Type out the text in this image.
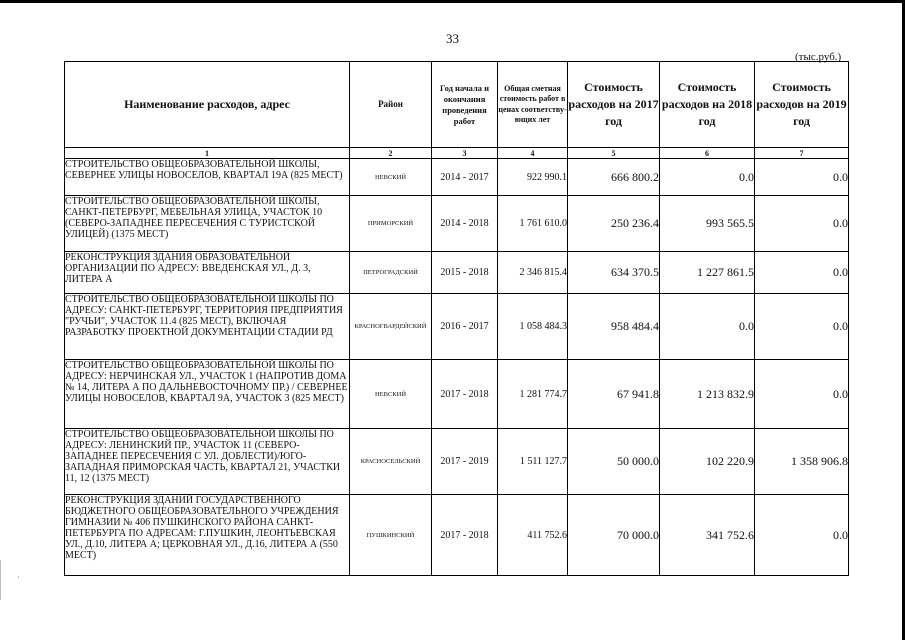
33
(тыс.руб.)
Наименование расходов, адрес	Район	Год начала и окончания проведения работ	Общая сметная стоимость работ в ценах соответству-ющих лет	Стоимость расходов на 2017 год	Стоимость расходов на 2018 год	Стоимость расходов на 2019 год
1	2	3	4	5	6	7
СТРОИТЕЛЬСТВО ОБЩЕОБРАЗОВАТЕЛЬНОЙ ШКОЛЫ, СЕВЕРНЕЕ УЛИЦЫ НОВОСЕЛОВ, КВАРТАЛ 19А (825 МЕСТ)	НЕВСКИЙ	2014 - 2017	922 990.1	666 800.2	0.0	0.0
СТРОИТЕЛЬСТВО ОБЩЕОБРАЗОВАТЕЛЬНОЙ ШКОЛЫ, САНКТ-ПЕТЕРБУРГ, МЕБЕЛЬНАЯ УЛИЦА, УЧАСТОК 10 (СЕВЕРО-ЗАПАДНЕЕ ПЕРЕСЕЧЕНИЯ С ТУРИСТСКОЙ УЛИЦЕЙ) (1375 МЕСТ)	ПРИМОРСКИЙ	2014 - 2018	1 761 610.0	250 236.4	993 565.5	0.0
РЕКОНСТРУКЦИЯ ЗДАНИЯ ОБРАЗОВАТЕЛЬНОЙ ОРГАНИЗАЦИИ ПО АДРЕСУ: ВВЕДЕНСКАЯ УЛ., Д. 3, ЛИТЕРА А	ПЕТРОГРАДСКИЙ	2015 - 2018	2 346 815.4	634 370.5	1 227 861.5	0.0
СТРОИТЕЛЬСТВО ОБЩЕОБРАЗОВАТЕЛЬНОЙ ШКОЛЫ ПО АДРЕСУ: САНКТ-ПЕТЕРБУРГ, ТЕРРИТОРИЯ ПРЕДПРИЯТИЯ "РУЧЬИ", УЧАСТОК 11.4 (825 МЕСТ), ВКЛЮЧАЯ РАЗРАБОТКУ ПРОЕКТНОЙ ДОКУМЕНТАЦИИ СТАДИИ РД	КРАСНОГВАРДЕЙСКИЙ	2016 - 2017	1 058 484.3	958 484.4	0.0	0.0
СТРОИТЕЛЬСТВО ОБЩЕОБРАЗОВАТЕЛЬНОЙ ШКОЛЫ ПО АДРЕСУ: НЕРЧИНСКАЯ УЛ., УЧАСТОК 1 (НАПРОТИВ ДОМА № 14, ЛИТЕРА А ПО ДАЛЬНЕВОСТОЧНОМУ ПР.) / СЕВЕРНЕЕ УЛИЦЫ НОВОСЕЛОВ, КВАРТАЛ 9А, УЧАСТОК 3 (825 МЕСТ)	НЕВСКИЙ	2017 - 2018	1 281 774.7	67 941.8	1 213 832.9	0.0
СТРОИТЕЛЬСТВО ОБЩЕОБРАЗОВАТЕЛЬНОЙ ШКОЛЫ ПО АДРЕСУ: ЛЕНИНСКИЙ ПР., УЧАСТОК 11 (СЕВЕРО-ЗАПАДНЕЕ ПЕРЕСЕЧЕНИЯ С УЛ. ДОБЛЕСТИ)/ЮГО-ЗАПАДНАЯ ПРИМОРСКАЯ ЧАСТЬ, КВАРТАЛ 21, УЧАСТКИ 11, 12 (1375 МЕСТ)	КРАСНОСЕЛЬСКИЙ	2017 - 2019	1 511 127.7	50 000.0	102 220.9	1 358 906.8
РЕКОНСТРУКЦИЯ ЗДАНИЙ ГОСУДАРСТВЕННОГО БЮДЖЕТНОГО ОБЩЕОБРАЗОВАТЕЛЬНОГО УЧРЕЖДЕНИЯ ГИМНАЗИИ № 406 ПУШКИНСКОГО РАЙОНА САНКТ-ПЕТЕРБУРГА ПО АДРЕСАМ: Г.ПУШКИН, ЛЕОНТЬЕВСКАЯ УЛ., Д.10, ЛИТЕРА А; ЦЕРКОВНАЯ УЛ., Д.16, ЛИТЕРА А (550 МЕСТ)	ПУШКИНСКИЙ	2017 - 2018	411 752.6	70 000.0	341 752.6	0.0
